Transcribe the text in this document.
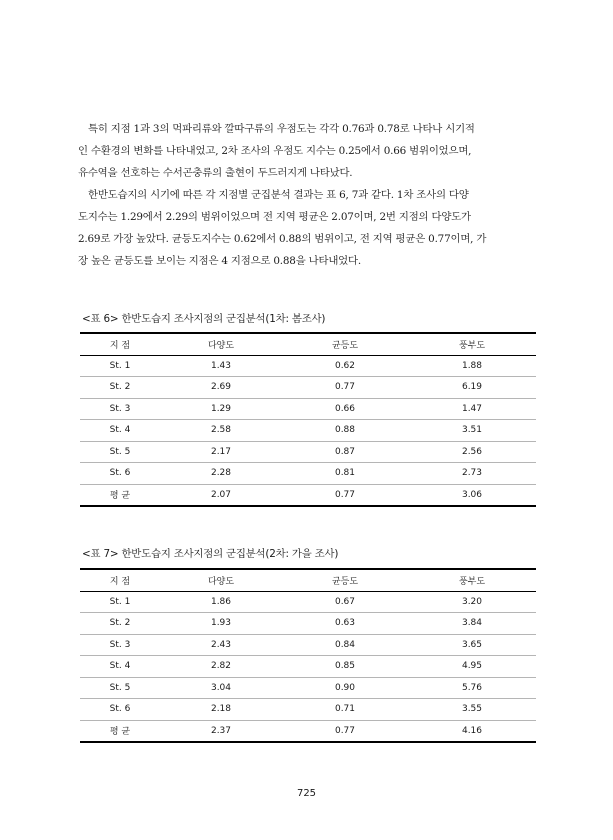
특히 지점 1과 3의 먹파리류와 깔따구류의 우점도는 각각 0.76과 0.78로 나타나 시기적
인 수환경의 변화를 나타내었고, 2차 조사의 우점도 지수는 0.25에서 0.66 범위이었으며,
유수역을 선호하는 수서곤충류의 출현이 두드러지게 나타났다.

한반도습지의 시기에 따른 각 지점별 군집분석 결과는 표 6, 7과 같다. 1차 조사의 다양
도지수는 1.29에서 2.29의 범위이었으며 전 지역 평균은 2.07이며, 2번 지점의 다양도가
2.69로 가장 높았다. 균등도지수는 0.62에서 0.88의 범위이고, 전 지역 평균은 0.77이며, 가
장 높은 균등도를 보이는 지점은 4 지점으로 0.88을 나타내었다.

<표 6> 한반도습지 조사지점의 군집분석(1차: 봄조사)
지 점	다양도	균등도	풍부도
St. 1	1.43	0.62	1.88
St. 2	2.69	0.77	6.19
St. 3	1.29	0.66	1.47
St. 4	2.58	0.88	3.51
St. 5	2.17	0.87	2.56
St. 6	2.28	0.81	2.73
평 균	2.07	0.77	3.06
<표 7> 한반도습지 조사지점의 군집분석(2차: 가을 조사)
지 점	다양도	균등도	풍부도
St. 1	1.86	0.67	3.20
St. 2	1.93	0.63	3.84
St. 3	2.43	0.84	3.65
St. 4	2.82	0.85	4.95
St. 5	3.04	0.90	5.76
St. 6	2.18	0.71	3.55
평 균	2.37	0.77	4.16
725
